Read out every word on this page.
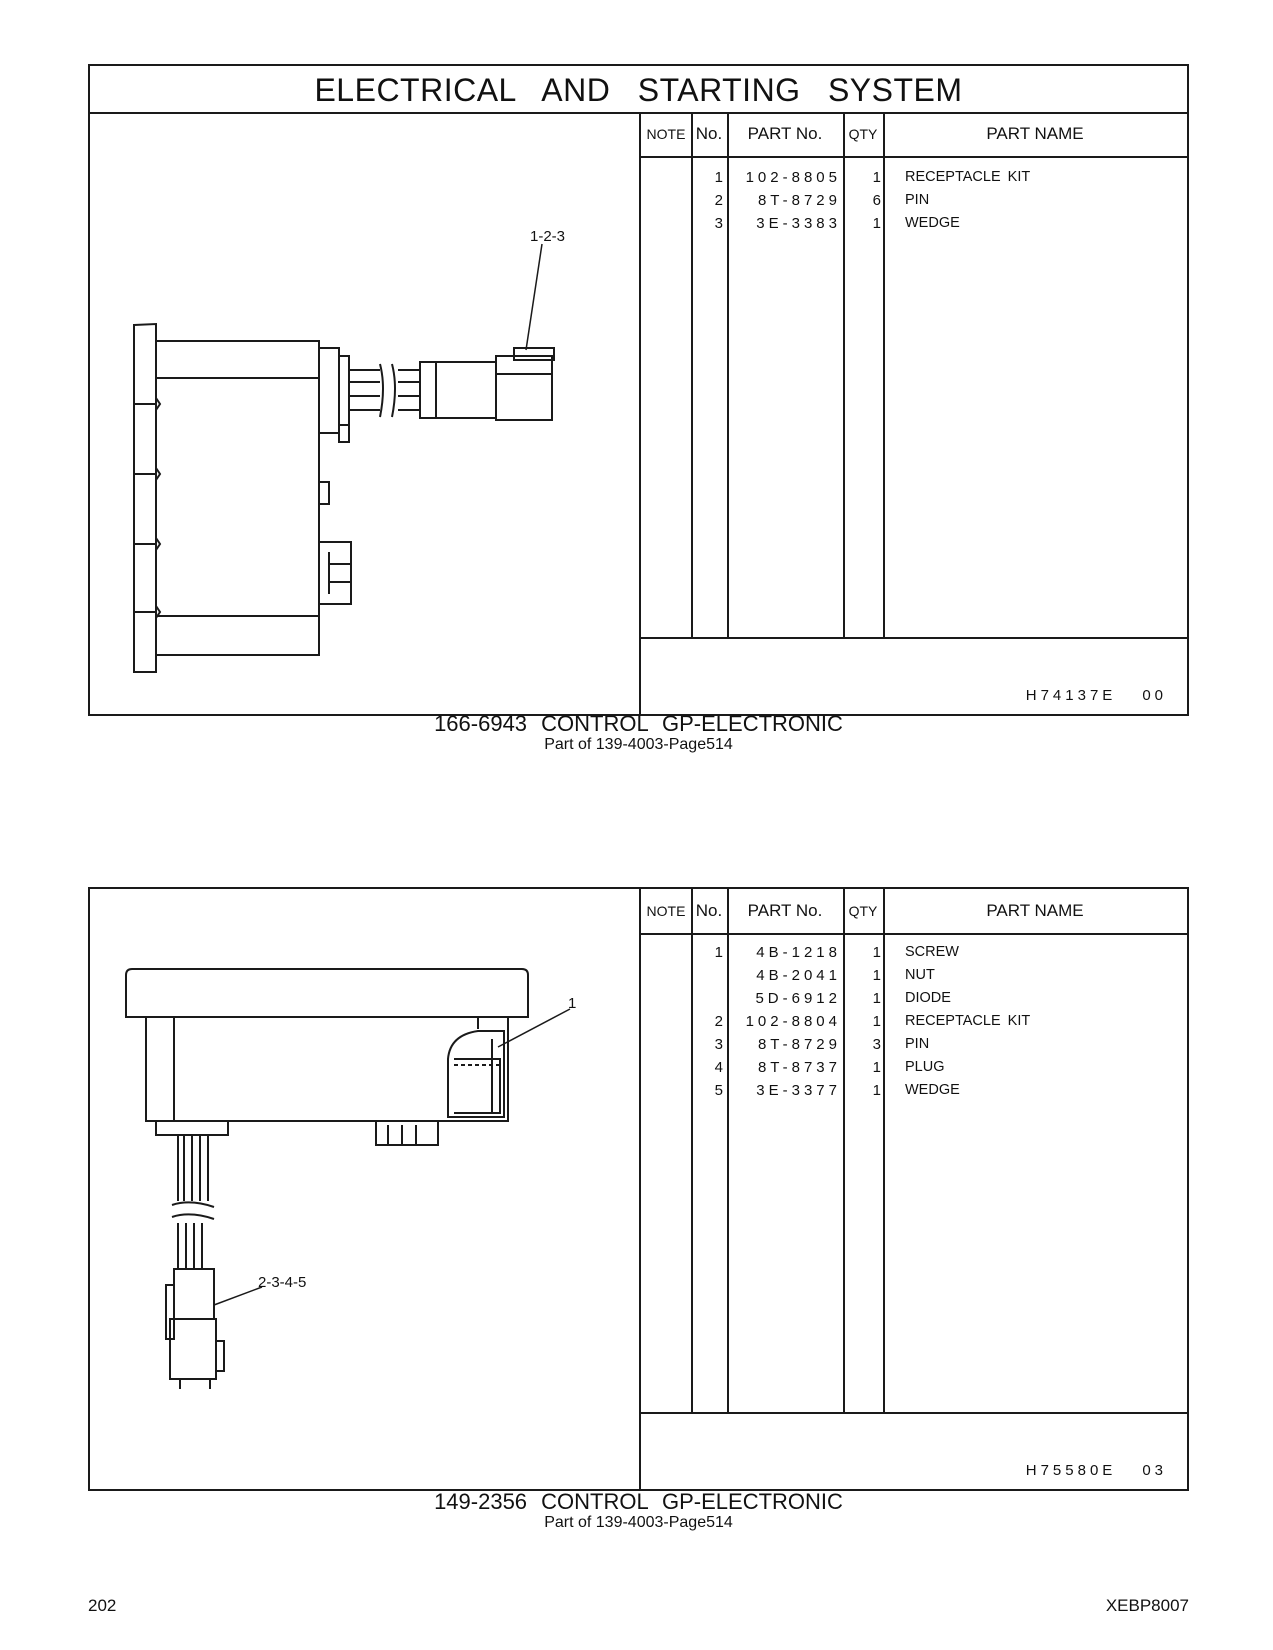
ELECTRICAL AND STARTING SYSTEM
1-2-3
NOTE No.	PART No.	QTY	PART NAME
1	102-8805	1 RECEPTACLE KIT
2	8T-8729	6 PIN
3	3E-3383	1 WEDGE
H74137E 00
166-6943 CONTROL GP-ELECTRONIC
Part of 139-4003-Page514
1
2-3-4-5
NOTE No.	PART No.	QTY	PART NAME
1	4B-1218	1 SCREW
4B-2041	1 NUT
5D-6912	1 DIODE
2	102-8804	1 RECEPTACLE KIT
3	8T-8729	3 PIN
4	8T-8737	1 PLUG
5	3E-3377	1 WEDGE
H75580E 03
149-2356 CONTROL GP-ELECTRONIC
Part of 139-4003-Page514
202	XEBP8007
